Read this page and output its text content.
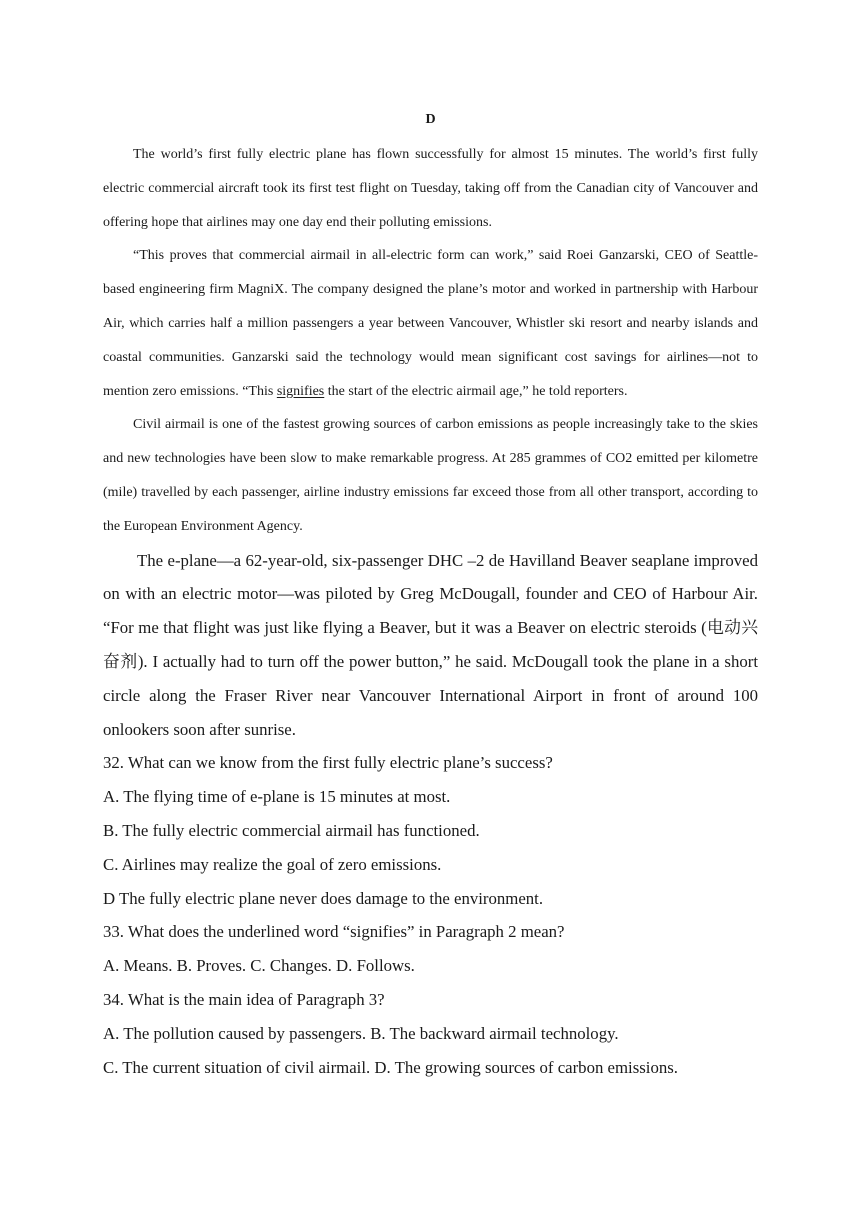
D

The world’s first fully electric plane has flown successfully for almost 15 minutes. The world’s first fully electric commercial aircraft took its first test flight on Tuesday, taking off from the Canadian city of Vancouver and offering hope that airlines may one day end their polluting emissions.

“This proves that commercial airmail in all-electric form can work,” said Roei Ganzarski, CEO of Seattle-based engineering firm MagniX. The company designed the plane’s motor and worked in partnership with Harbour Air, which carries half a million passengers a year between Vancouver, Whistler ski resort and nearby islands and coastal communities. Ganzarski said the technology would mean significant cost savings for airlines—not to mention zero emissions. “This signifies the start of the electric airmail age,” he told reporters.

Civil airmail is one of the fastest growing sources of carbon emissions as people increasingly take to the skies and new technologies have been slow to make remarkable progress. At 285 grammes of CO2 emitted per kilometre (mile) travelled by each passenger, airline industry emissions far exceed those from all other transport, according to the European Environment Agency.

The e-plane—a 62-year-old, six-passenger DHC –2 de Havilland Beaver seaplane improved on with an electric motor—was piloted by Greg McDougall, founder and CEO of Harbour Air. “For me that flight was just like flying a Beaver, but it was a Beaver on electric steroids (电动兴奋剂). I actually had to turn off the power button,” he said. McDougall took the plane in a short circle along the Fraser River near Vancouver International Airport in front of around 100 onlookers soon after sunrise.

32. What can we know from the first fully electric plane’s success?

A. The flying time of e-plane is 15 minutes at most.

B. The fully electric commercial airmail has functioned.

C. Airlines may realize the goal of zero emissions.

D The fully electric plane never does damage to the environment.

33. What does the underlined word “signifies” in Paragraph 2 mean?

A. Means. B. Proves. C. Changes. D. Follows.

34. What is the main idea of Paragraph 3?

A. The pollution caused by passengers. B. The backward airmail technology.

C. The current situation of civil airmail. D. The growing sources of carbon emissions.
